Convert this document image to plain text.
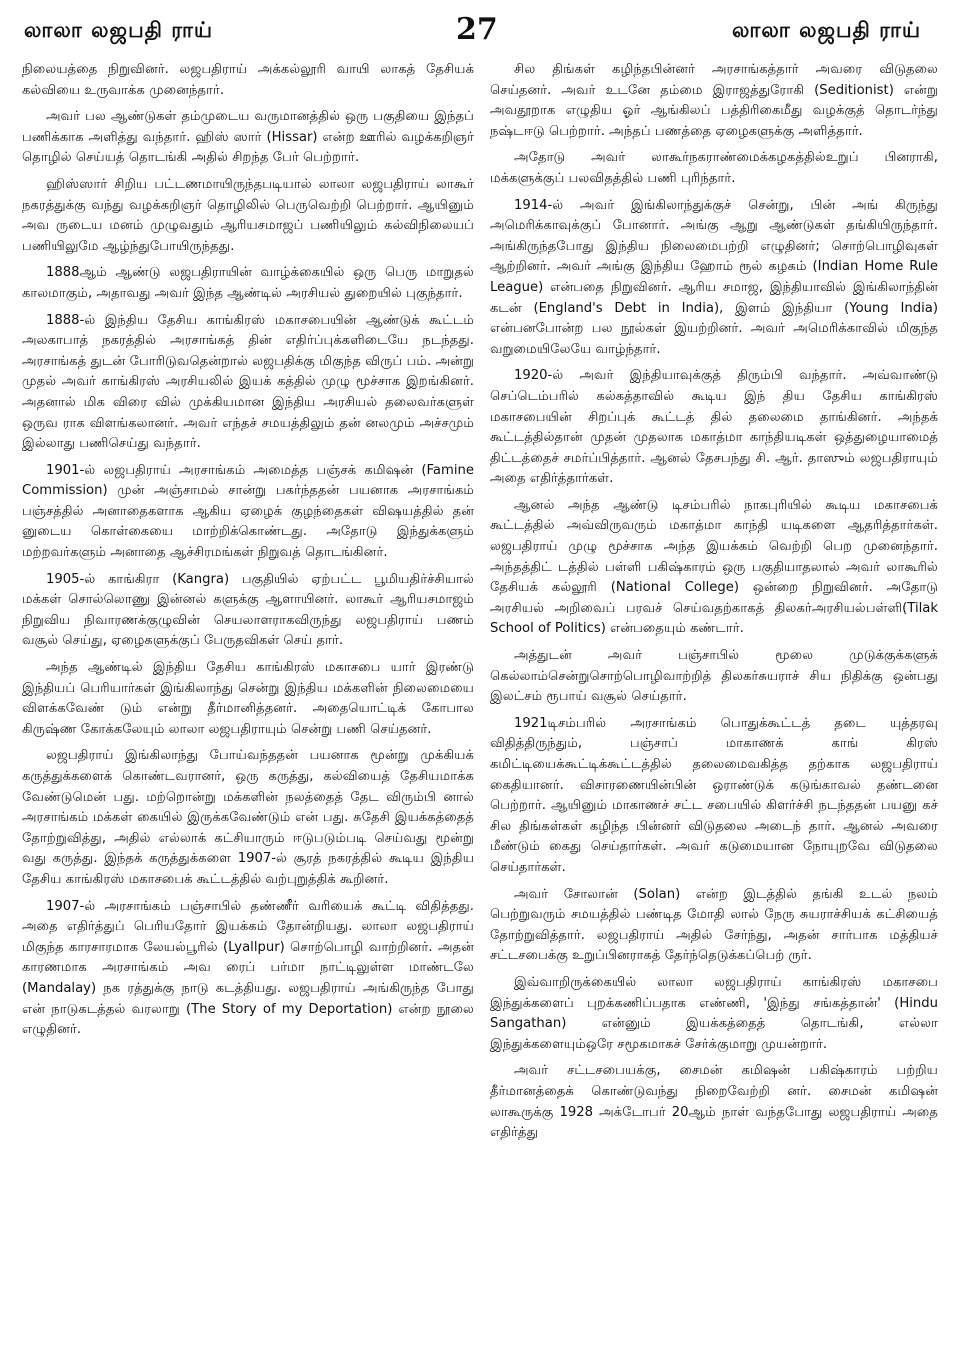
லாலா லஜபதி ராய்	27	லாலா லஜபதி ராய்

நிலையத்தை நிறுவினர். லஜபதிராய் அக்கல்லூரி வாயி லாகத் தேசியக் கல்வியை உருவாக்க முனைந்தார்.

அவர் பல ஆண்டுகள் தம்முடைய வருமானத்தில் ஒரு பகுதியை இந்தப் பணிக்காக அளித்து வந்தார். ஹிஸ் ஸார் (Hissar) என்ற ஊரில் வழக்கறிஞர் தொழில் செய்யத் தொடங்கி அதில் சிறந்த பேர் பெற்றார்.

ஹிஸ்ஸார் சிறிய பட்டணமாயிருந்தபடியால் லாலா லஜபதிராய் லாகூர் நகரத்துக்கு வந்து வழக்கறிஞர் தொழிலில் பெருவெற்றி பெற்றார். ஆயினும் அவ ருடைய மனம் முழுவதும் ஆரியசமாஜப் பணியிலும் கல்விநிலையப் பணியிலுமே ஆழ்ந்துபோயிருந்தது.

1888ஆம் ஆண்டு லஜபதிராயின் வாழ்க்கையில் ஒரு பெரு மாறுதல் காலமாகும், அதாவது அவர் இந்த ஆண்டில் அரசியல் துறையில் புகுந்தார்.

1888-ல் இந்திய தேசிய காங்கிரஸ் மகாசபையின் ஆண்டுக் கூட்டம் அலகாபாத் நகரத்தில் அரசாங்கத் தின் எதிர்ப்புக்களிடையே நடந்தது. அரசாங்கத் துடன் போரிடுவதென்றால் லஜபதிக்கு மிகுந்த விருப் பம். அன்று முதல் அவர் காங்கிரஸ் அரசியலில் இயக் கத்தில் முழு மூச்சாக இறங்கினர். அதனால் மிக விரை வில் முக்கியமான இந்திய அரசியல் தலைவர்களுள் ஒருவ ராக விளங்கலானர். அவர் எந்தச் சமயத்திலும் தன் னலமும் அச்சமும் இல்லாது பணிசெய்து வந்தார்.

1901-ல் லஜபதிராய் அரசாங்கம் அமைத்த பஞ்சக் கமிஷன் (Famine Commission) முன் அஞ்சாமல் சான்று பகர்ந்ததன் பயனாக அரசாங்கம் பஞ்சத்தில் அனாதைகளாக ஆகிய ஏழைக் குழந்தைகள் விஷயத்தில் தன் னுடைய கொள்கையை மாற்றிக்கொண்டது. அதோடு இந்துக்களும் மற்றவர்களும் அனாதை ஆச்சிரமங்கள் நிறுவத் தொடங்கினர்.

1905-ல் காங்கிரா (Kangra) பகுதியில் ஏற்பட்ட பூமியதிர்ச்சியால் மக்கள் சொல்லொணு இன்னல் களுக்கு ஆளாயினர். லாகூர் ஆரியசமாஜம் நிறுவிய நிவாரணக்குழுவின் செயலாளராகவிருந்து லஜபதிராய் பணம் வசூல் செய்து, ஏழைகளுக்குப் பேருதவிகள் செய் தார்.

அந்த ஆண்டில் இந்திய தேசிய காங்கிரஸ் மகாசபை யார் இரண்டு இந்தியப் பெரியார்கள் இங்கிலாந்து சென்று இந்திய மக்களின் நிலைமையை விளக்கவேண் டும் என்று தீர்மானித்தனர். அதையொட்டிக் கோபால கிருஷ்ண கோக்கலேயும் லாலா லஜபதிராயும் சென்று பணி செய்தனர்.

லஜபதிராய் இங்கிலாந்து போய்வந்ததன் பயனாக மூன்று முக்கியக் கருத்துக்களைக் கொண்டவரானர், ஒரு கருத்து, கல்வியைத் தேசியமாக்க வேண்டுமென் பது. மற்றொன்று மக்களின் நலத்தைத் தேட விரும்பி னால் அரசாங்கம் மக்கள் கையில் இருக்கவேண்டும் என் பது. சுதேசி இயக்கத்தைத் தோற்றுவித்து, அதில் எல்லாக் கட்சியாரும் ஈடுபடும்படி செய்வது மூன்று வது கருத்து. இந்தக் கருத்துக்களை 1907-ல் சூரத் நகரத்தில் கூடிய இந்திய தேசிய காங்கிரஸ் மகாசபைக் கூட்டத்தில் வற்புறுத்திக் கூறினர்.

1907-ல் அரசாங்கம் பஞ்சாபில் தண்ணீர் வரியைக் கூட்டி விதித்தது. அதை எதிர்த்துப் பெரியதோர் இயக்கம் தோன்றியது. லாலா லஜபதிராய் மிகுந்த காரசாரமாக லேயல்பூரில் (Lyallpur) சொற்பொழி வாற்றினர். அதன் காரணமாக அரசாங்கம் அவ ரைப் பர்மா நாட்டிலுள்ள மாண்டலே (Mandalay) நக ரத்துக்கு நாடு கடத்தியது. லஜபதிராய் அங்கிருந்த போது என் நாடுகடத்தல் வரலாறு (The Story of my Deportation) என்ற நூலை எழுதினர்.

சில திங்கள் கழிந்தபின்னர் அரசாங்கத்தார் அவரை விடுதலை செய்தனர். அவர் உடனே தம்மை இராஜத்துரோகி (Seditionist) என்று அவதூறாக எழுதிய ஓர் ஆங்கிலப் பத்திரிகைமீது வழக்குத் தொடர்ந்து நஷ்டஈடு பெற்றார். அந்தப் பணத்தை ஏழைகளுக்கு அளித்தார்.

அதோடு அவர் லாகூர்நகராண்மைக்கழகத்தில்உறுப் பினராகி, மக்களுக்குப் பலவிதத்தில் பணி புரிந்தார்.

1914-ல் அவர் இங்கிலாந்துக்குச் சென்று, பின் அங் கிருந்து அமெரிக்காவுக்குப் போனார். அங்கு ஆறு ஆண்டுகள் தங்கியிருந்தார். அங்கிருந்தபோது இந்திய நிலைமைபற்றி எழுதினர்; சொற்பொழிவுகள் ஆற்றினர். அவர் அங்கு இந்திய ஹோம் ரூல் கழகம் (Indian Home Rule League) என்பதை நிறுவினர். ஆரிய சமாஜ, இந்தியாவில் இங்கிலாந்தின் கடன் (England's Debt in India), இளம் இந்தியா (Young India) என்பனபோன்ற பல நூல்கள் இயற்றினர். அவர் அமெரிக்காவில் மிகுந்த வறுமையிலேயே வாழ்ந்தார்.

1920-ல் அவர் இந்தியாவுக்குத் திரும்பி வந்தார். அவ்வாண்டு செப்டெம்பரில் கல்கத்தாவில் கூடிய இந் திய தேசிய காங்கிரஸ் மகாசபையின் சிறப்புக் கூட்டத் தில் தலைமை தாங்கினர். அந்தக் கூட்டத்தில்தான் முதன் முதலாக மகாத்மா காந்தியடிகள் ஒத்துழையாமைத் திட்டத்தைச் சமர்ப்பித்தார். ஆனல் தேசபந்து சி. ஆர். தாஸும் லஜபதிராயும் அதை எதிர்த்தார்கள்.

ஆனல் அந்த ஆண்டு டிசம்பரில் நாகபுரியில் கூடிய மகாசபைக் கூட்டத்தில் அவ்விருவரும் மகாத்மா காந்தி யடிகளை ஆதரித்தார்கள். லஜபதிராய் முழு மூச்சாக அந்த இயக்கம் வெற்றி பெற முனைந்தார். அந்தத்திட் டத்தில் பள்ளி பகிஷ்காரம் ஒரு பகுதியாதலால் அவர் லாகூரில் தேசியக் கல்லூரி (National College) ஒன்றை நிறுவினர். அதோடு அரசியல் அறிவைப் பரவச் செய்வதற்காகத் திலகர்அரசியல்பள்ளி(Tilak School of Politics) என்பதையும் கண்டார்.

அத்துடன் அவர் பஞ்சாபில் மூலை முடுக்குக்களுக் கெல்லாம்சென்றுசொற்பொழிவாற்றித் திலகர்சுயராச் சிய நிதிக்கு ஒன்பது இலட்சம் ரூபாய் வசூல் செய்தார்.

1921டிசம்பரில் அரசாங்கம் பொதுக்கூட்டத் தடை யுத்தரவு விதித்திருந்தும், பஞ்சாப் மாகாணக் காங் கிரஸ் கமிட்டியைக்கூட்டிக்கூட்டத்தில் தலைமைவகித்த தற்காக லஜபதிராய் கைதியானர். விசாரணையின்பின் ஒராண்டுக் கடுங்காவல் தண்டனை பெற்றார். ஆயினும் மாகாணச் சட்ட சபையில் கிளர்ச்சி நடந்ததன் பயனு கச் சில திங்கள்கள் கழிந்த பின்னர் விடுதலை அடைந் தார். ஆனல் அவரை மீண்டும் கைது செய்தார்கள். அவர் கடுமையான நோயுறவே விடுதலை செய்தார்கள்.

அவர் சோலான் (Solan) என்ற இடத்தில் தங்கி உடல் நலம் பெற்றுவரும் சமயத்தில் பண்டித மோதி லால் நேரு சுயராச்சியக் கட்சியைத் தோற்றுவித்தார். லஜபதிராய் அதில் சேர்ந்து, அதன் சார்பாக மத்தியச் சட்டசபைக்கு உறுப்பினராகத் தேர்ந்தெடுக்கப்பெற் ருர்.

இவ்வாறிருக்கையில் லாலா லஜபதிராய் காங்கிரஸ் மகாசபை இந்துக்களைப் புறக்கணிப்பதாக எண்ணி, 'இந்து சங்கத்தான்' (Hindu Sangathan) என்னும் இயக்கத்தைத் தொடங்கி, எல்லா இந்துக்களையும்ஒரே சமூகமாகச் சேர்க்குமாறு முயன்றார்.

அவர் சட்டசபையக்கு, சைமன் கமிஷன் பகிஷ்காரம் பற்றிய தீர்மானத்தைக் கொண்டுவந்து நிறைவேற்றி னர். சைமன் கமிஷன் லாகூருக்கு 1928 அக்டோபர் 20ஆம் நாள் வந்தபோது லஜபதிராய் அதை எதிர்த்து
